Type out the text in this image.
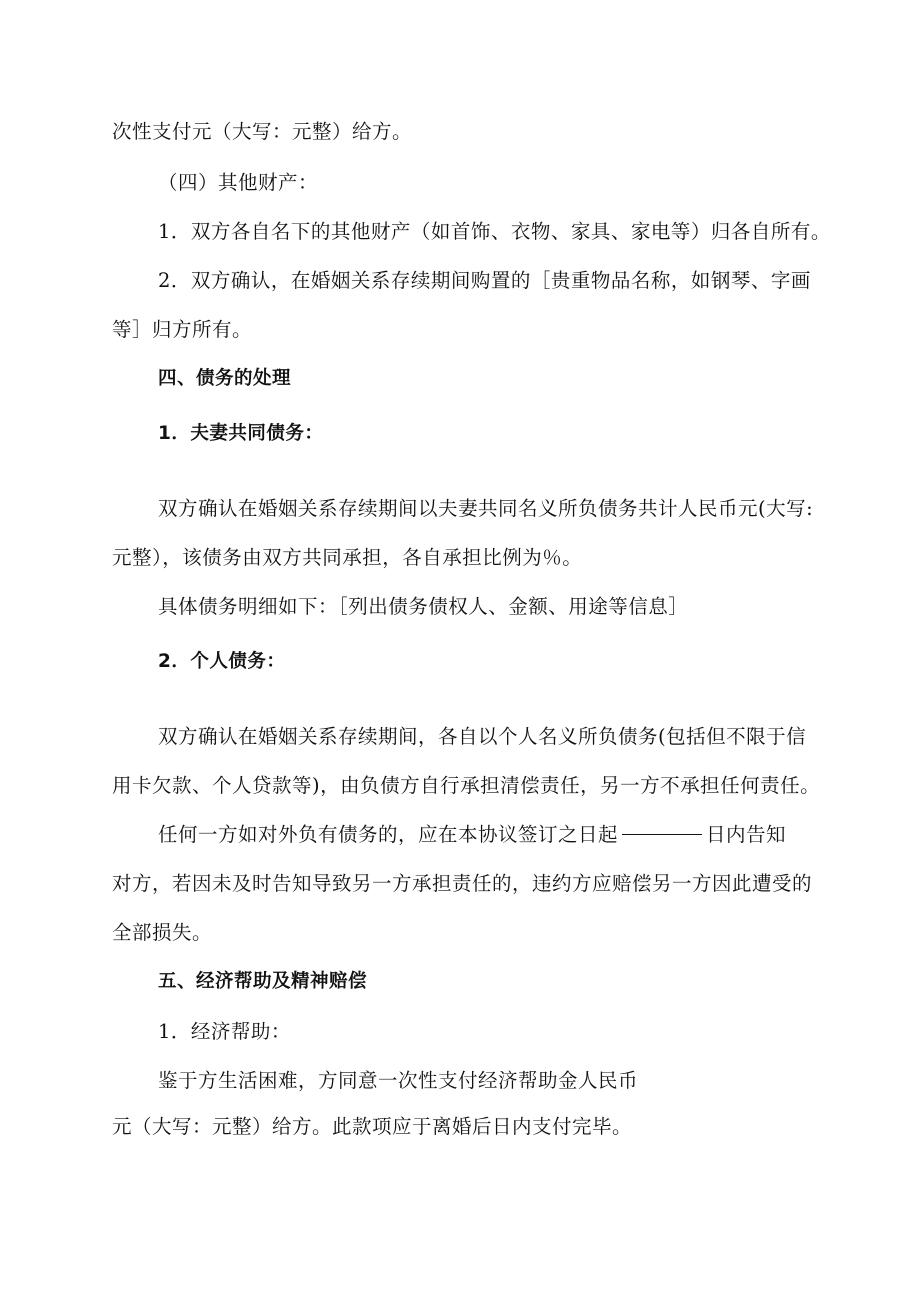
次性支付元（大写：元整）给方。

（四）其他财产：

1．双方各自名下的其他财产（如首饰、衣物、家具、家电等）归各自所有。

2．双方确认，在婚姻关系存续期间购置的［贵重物品名称，如钢琴、字画

等］归方所有。

四、债务的处理

1．夫妻共同债务：

双方确认在婚姻关系存续期间以夫妻共同名义所负债务共计人民币元(大写:

元整），该债务由双方共同承担，各自承担比例为％。

具体债务明细如下：［列出债务债权人、金额、用途等信息］

2．个人债务：

双方确认在婚姻关系存续期间，各自以个人名义所负债务(包括但不限于信

用卡欠款、个人贷款等)，由负债方自行承担清偿责任，另一方不承担任何责任。

任何一方如对外负有债务的，应在本协议签订之日起	日内告知

对方，若因未及时告知导致另一方承担责任的，违约方应赔偿另一方因此遭受的

全部损失。

五、经济帮助及精神赔偿

1．经济帮助：

鉴于方生活困难，方同意一次性支付经济帮助金人民币

元（大写：元整）给方。此款项应于离婚后日内支付完毕。
